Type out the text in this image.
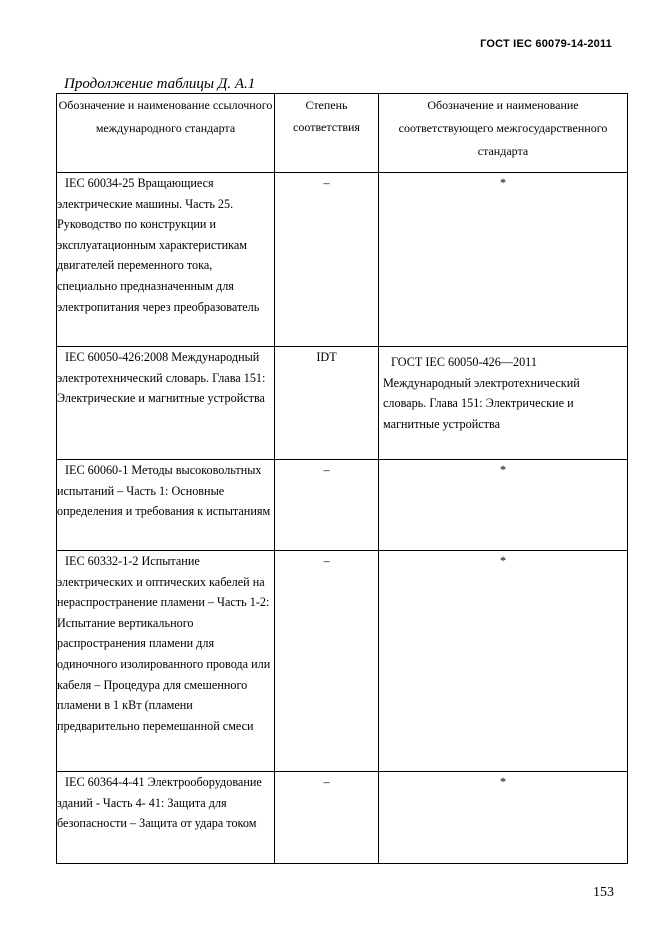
ГОСТ IEC 60079-14-2011
Продолжение таблицы Д. А.1
Обозначение и наименование ссылочного международного стандарта	Степень соответствия	Обозначение и наименование соответствующего межгосударственного стандарта

IEC 60034-25 Вращающиеся электрические машины. Часть 25. Руководство по конструкции и эксплуатационным характеристикам двигателей переменного тока, специально предназначенным для электропитания через преобразователь	–	*

IEC 60050-426:2008 Международный электротехнический словарь. Глава 151: Электрические и магнитные устройства	IDT	ГОСТ IEC 60050-426—2011 Международный электротехнический словарь. Глава 151: Электрические и магнитные устройства

IEC 60060-1 Методы высоковольтных испытаний – Часть 1: Основные определения и требования к испытаниям	–	*

IEC 60332-1-2 Испытание электрических и оптических кабелей на нераспространение пламени – Часть 1-2: Испытание вертикального распространения пламени для одиночного изолированного провода или кабеля – Процедура для смешенного пламени в 1 кВт (пламени предварительно перемешанной смеси	–	*

IEC 60364-4-41 Электрооборудование зданий - Часть 4- 41: Защита для безопасности – Защита от удара током	–	*
153
